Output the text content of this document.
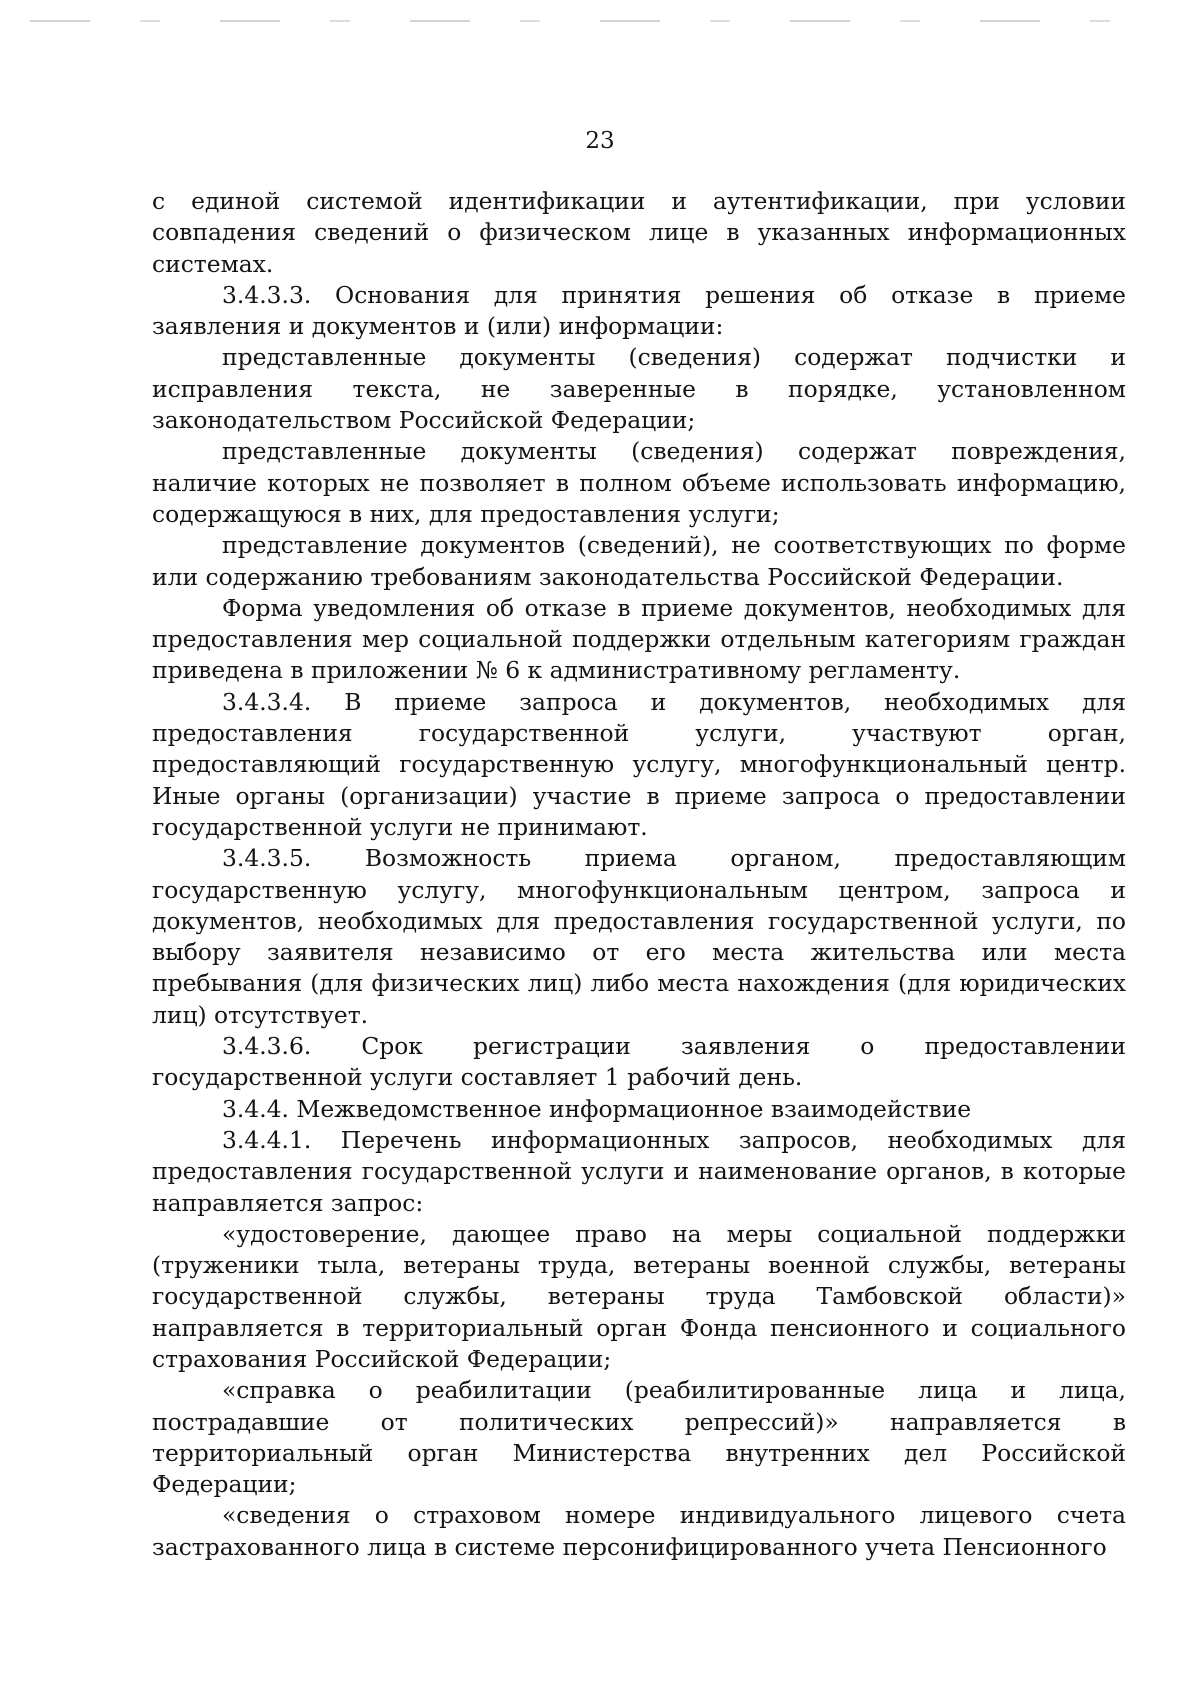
23

с единой системой идентификации и аутентификации, при условии совпадения сведений о физическом лице в указанных информационных системах.

3.4.3.3. Основания для принятия решения об отказе в приеме заявления и документов и (или) информации:

представленные документы (сведения) содержат подчистки и исправления текста, не заверенные в порядке, установленном законодательством Российской Федерации;

представленные документы (сведения) содержат повреждения, наличие которых не позволяет в полном объеме использовать информацию, содержащуюся в них, для предоставления услуги;

представление документов (сведений), не соответствующих по форме или содержанию требованиям законодательства Российской Федерации.

Форма уведомления об отказе в приеме документов, необходимых для предоставления мер социальной поддержки отдельным категориям граждан приведена в приложении № 6 к административному регламенту.

3.4.3.4. В приеме запроса и документов, необходимых для предоставления государственной услуги, участвуют орган, предоставляющий государственную услугу, многофункциональный центр. Иные органы (организации) участие в приеме запроса о предоставлении государственной услуги не принимают.

3.4.3.5. Возможность приема органом, предоставляющим государственную услугу, многофункциональным центром, запроса и документов, необходимых для предоставления государственной услуги, по выбору заявителя независимо от его места жительства или места пребывания (для физических лиц) либо места нахождения (для юридических лиц) отсутствует.

3.4.3.6. Срок регистрации заявления о предоставлении государственной услуги составляет 1 рабочий день.

3.4.4. Межведомственное информационное взаимодействие

3.4.4.1. Перечень информационных запросов, необходимых для предоставления государственной услуги и наименование органов, в которые направляется запрос:

«удостоверение, дающее право на меры социальной поддержки (труженики тыла, ветераны труда, ветераны военной службы, ветераны государственной службы, ветераны труда Тамбовской области)» направляется в территориальный орган Фонда пенсионного и социального страхования Российской Федерации;

«справка о реабилитации (реабилитированные лица и лица, пострадавшие от политических репрессий)» направляется в территориальный орган Министерства внутренних дел Российской Федерации;

«сведения о страховом номере индивидуального лицевого счета застрахованного лица в системе персонифицированного учета Пенсионного
